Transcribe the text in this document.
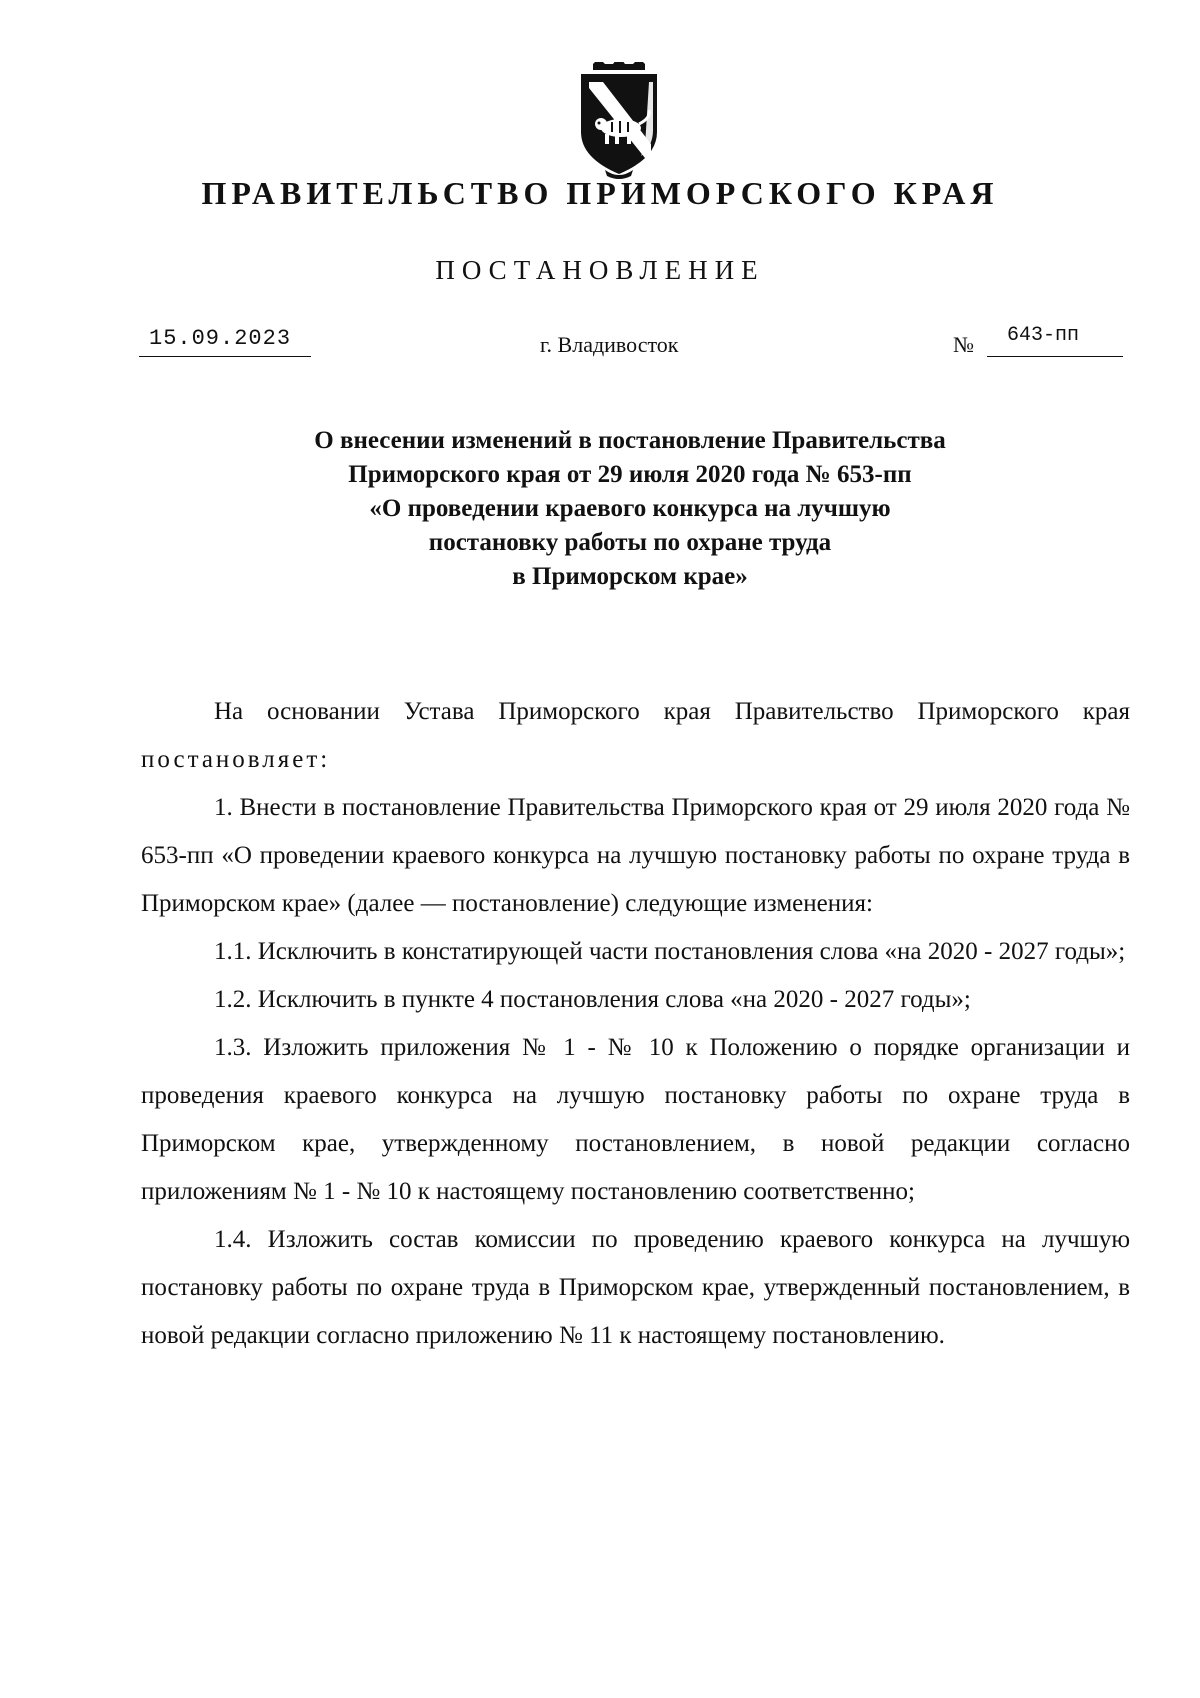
ПРАВИТЕЛЬСТВО ПРИМОРСКОГО КРАЯ
ПОСТАНОВЛЕНИЕ
15.09.2023	г. Владивосток	№ 643-пп
О внесении изменений в постановление Правительства
Приморского края от 29 июля 2020 года № 653-пп
«О проведении краевого конкурса на лучшую
постановку работы по охране труда
в Приморском крае»

На основании Устава Приморского края Правительство Приморского края постановляет:

1. Внести в постановление Правительства Приморского края от 29 июля 2020 года № 653-пп «О проведении краевого конкурса на лучшую постановку работы по охране труда в Приморском крае» (далее — постановление) следующие изменения:

1.1. Исключить в констатирующей части постановления слова «на 2020 - 2027 годы»;

1.2. Исключить в пункте 4 постановления слова «на 2020 - 2027 годы»;

1.3. Изложить приложения № 1 - № 10 к Положению о порядке организации и проведения краевого конкурса на лучшую постановку работы по охране труда в Приморском крае, утвержденному постановлением, в новой редакции согласно приложениям № 1 - № 10 к настоящему постановлению соответственно;

1.4. Изложить состав комиссии по проведению краевого конкурса на лучшую постановку работы по охране труда в Приморском крае, утвержденный постановлением, в новой редакции согласно приложению № 11 к настоящему постановлению.
